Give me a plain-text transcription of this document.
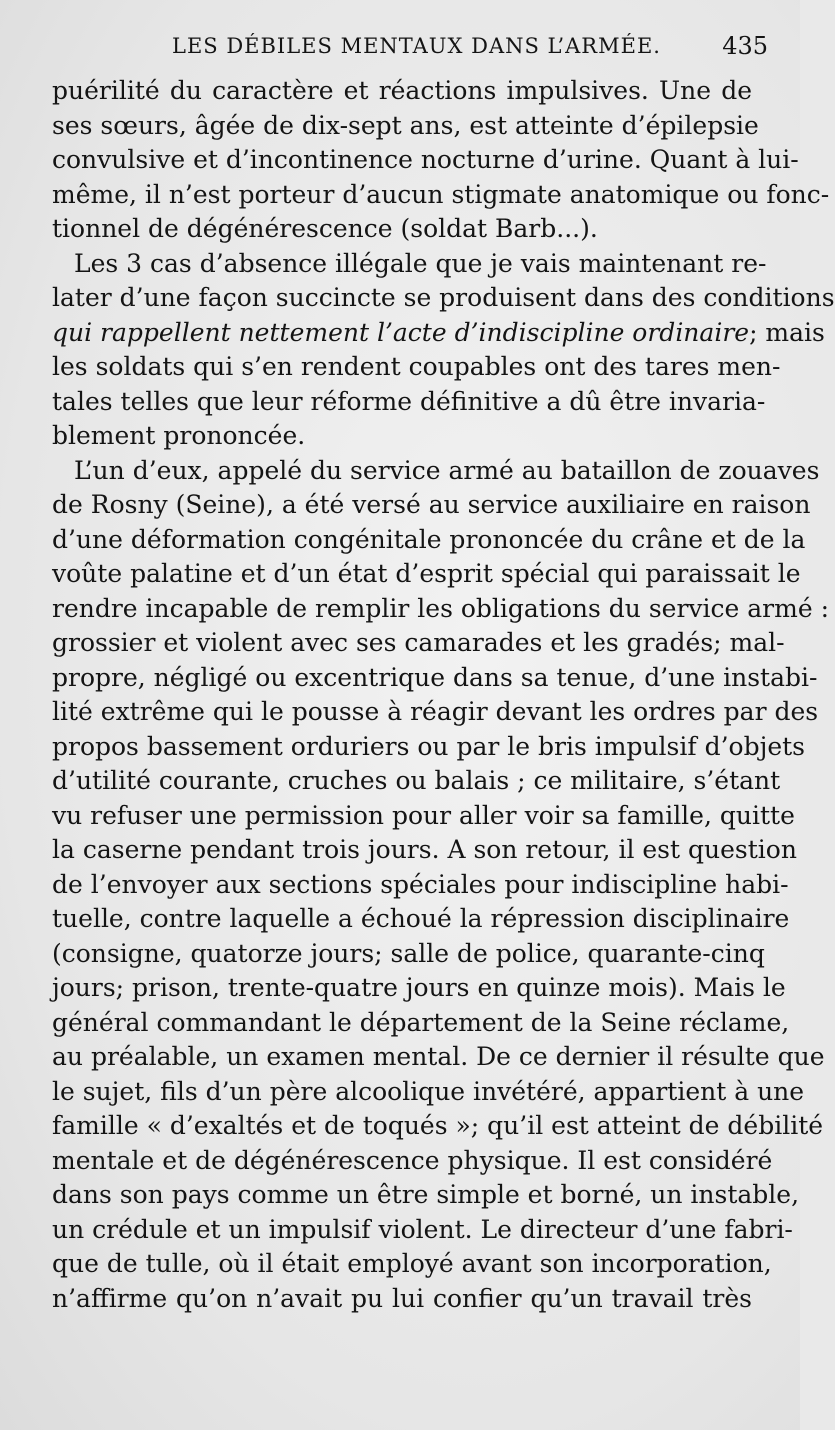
LES DÉBILES MENTAUX DANS L’ARMÉE.	435
puérilité du caractère et réactions impulsives. Une de
ses sœurs, âgée de dix-sept ans, est atteinte d’épilepsie
convulsive et d’incontinence nocturne d’urine. Quant à lui-
même, il n’est porteur d’aucun stigmate anatomique ou fonc-
tionnel de dégénérescence (soldat Barb...).
Les 3 cas d’absence illégale que je vais maintenant re-
later d’une façon succincte se produisent dans des conditions
qui rappellent nettement l’acte d’indiscipline ordinaire; mais
les soldats qui s’en rendent coupables ont des tares men-
tales telles que leur réforme définitive a dû être invaria-
blement prononcée.
L’un d’eux, appelé du service armé au bataillon de zouaves
de Rosny (Seine), a été versé au service auxiliaire en raison
d’une déformation congénitale prononcée du crâne et de la
voûte palatine et d’un état d’esprit spécial qui paraissait le
rendre incapable de remplir les obligations du service armé :
grossier et violent avec ses camarades et les gradés; mal-
propre, négligé ou excentrique dans sa tenue, d’une instabi-
lité extrême qui le pousse à réagir devant les ordres par des
propos bassement orduriers ou par le bris impulsif d’objets
d’utilité courante, cruches ou balais ; ce militaire, s’étant
vu refuser une permission pour aller voir sa famille, quitte
la caserne pendant trois jours. A son retour, il est question
de l’envoyer aux sections spéciales pour indiscipline habi-
tuelle, contre laquelle a échoué la répression disciplinaire
(consigne, quatorze jours; salle de police, quarante-cinq
jours; prison, trente-quatre jours en quinze mois). Mais le
général commandant le département de la Seine réclame,
au préalable, un examen mental. De ce dernier il résulte que
le sujet, fils d’un père alcoolique invétéré, appartient à une
famille « d’exaltés et de toqués »; qu’il est atteint de débilité
mentale et de dégénérescence physique. Il est considéré
dans son pays comme un être simple et borné, un instable,
un crédule et un impulsif violent. Le directeur d’une fabri-
que de tulle, où il était employé avant son incorporation,
n’affirme qu’on n’avait pu lui confier qu’un travail très
